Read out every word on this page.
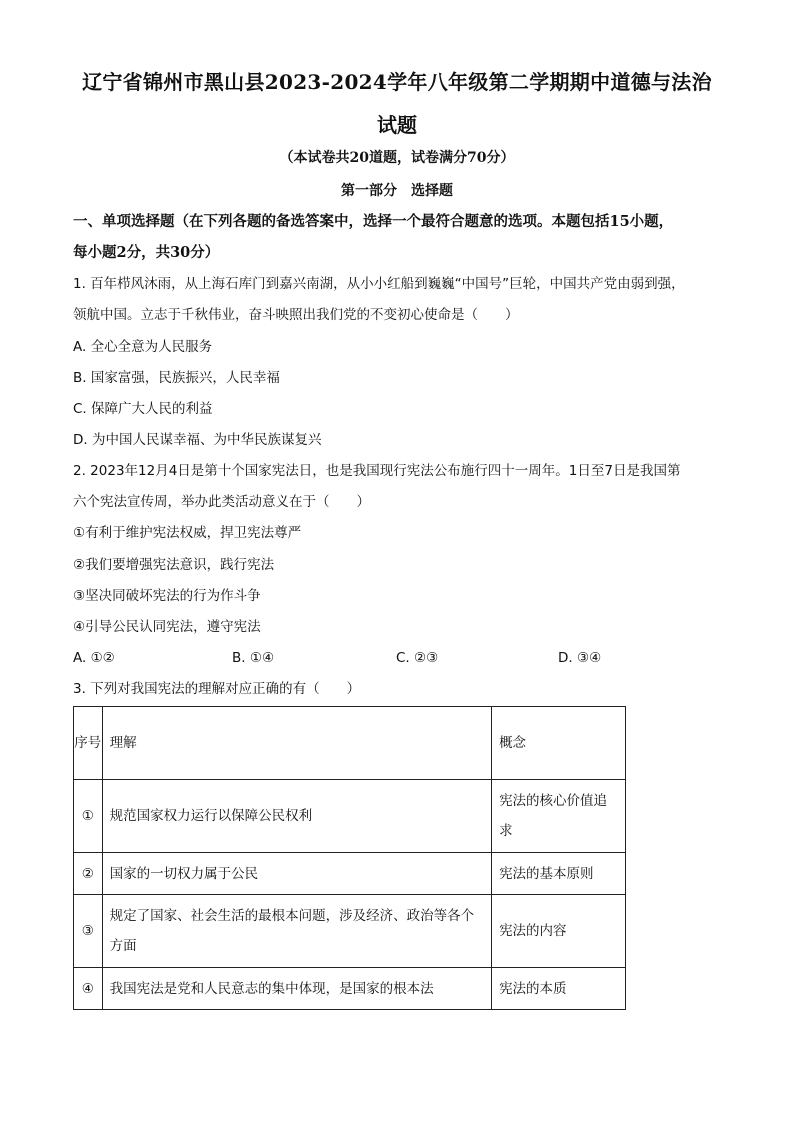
辽宁省锦州市黑山县2023-2024学年八年级第二学期期中道德与法治
试题
（本试卷共20道题，试卷满分70分）
第一部分　选择题
一、单项选择题（在下列各题的备选答案中，选择一个最符合题意的选项。本题包括15小题，
每小题2分，共30分）
1. 百年栉风沐雨，从上海石库门到嘉兴南湖，从小小红船到巍巍“中国号”巨轮，中国共产党由弱到强，
领航中国。立志于千秋伟业，奋斗映照出我们党的不变初心使命是（　　）
A. 全心全意为人民服务
B. 国家富强，民族振兴，人民幸福
C. 保障广大人民的利益
D. 为中国人民谋幸福、为中华民族谋复兴
2. 2023年12月4日是第十个国家宪法日，也是我国现行宪法公布施行四十一周年。1日至7日是我国第
六个宪法宣传周，举办此类活动意义在于（　　）
①有利于维护宪法权威，捍卫宪法尊严
②我们要增强宪法意识，践行宪法
③坚决同破坏宪法的行为作斗争
④引导公民认同宪法，遵守宪法
A. ①②	B. ①④	C. ②③	D. ③④
3. 下列对我国宪法的理解对应正确的有（　　）
序号	理解	概念
①	规范国家权力运行以保障公民权利	宪法的核心价值追求
②	国家的一切权力属于公民	宪法的基本原则
③	规定了国家、社会生活的最根本问题，涉及经济、政治等各个方面	宪法的内容
④	我国宪法是党和人民意志的集中体现，是国家的根本法	宪法的本质
